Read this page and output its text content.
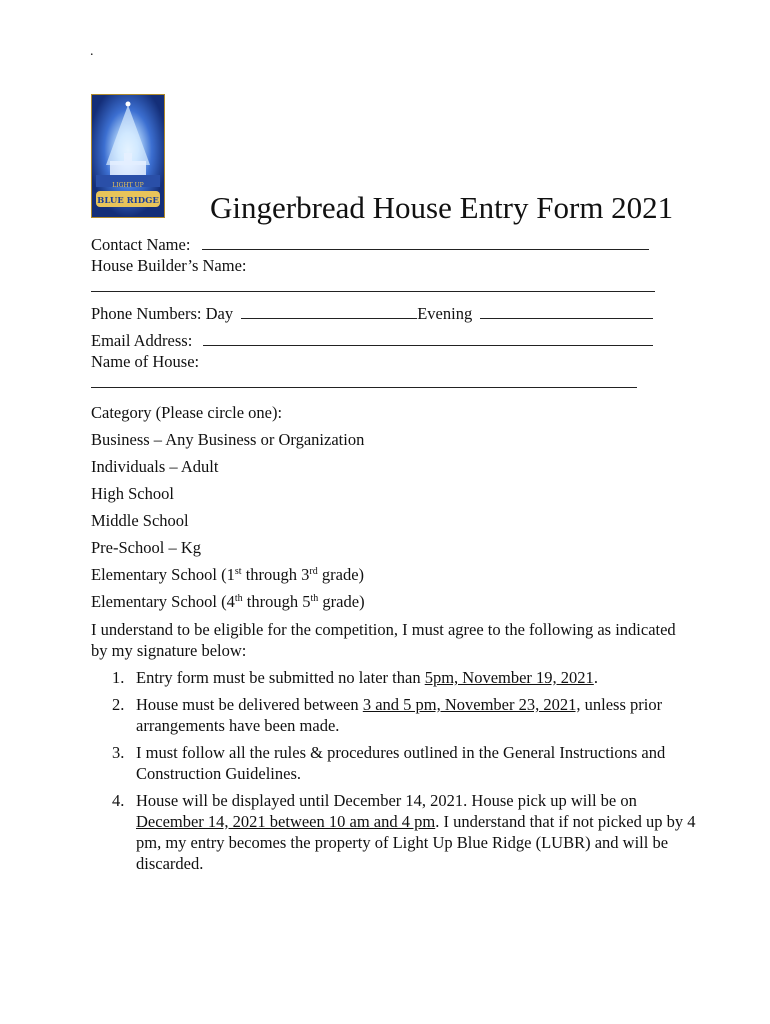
.
LIGHT UP
BLUE RIDGE Gingerbread House Entry Form 2021
Contact Name:
House Builder’s Name:
Phone Numbers: Day	Evening
Email Address:
Name of House:
Category (Please circle one):
Business – Any Business or Organization
Individuals – Adult
High School
Middle School
Pre-School – Kg
Elementary School (1st through 3rd grade)
Elementary School (4th through 5th grade)
I understand to be eligible for the competition, I must agree to the following as indicated by my signature below:
1. Entry form must be submitted no later than 5pm, November 19, 2021.
2. House must be delivered between 3 and 5 pm, November 23, 2021, unless prior arrangements have been made.
3. I must follow all the rules & procedures outlined in the General Instructions and Construction Guidelines.
4. House will be displayed until December 14, 2021. House pick up will be on December 14, 2021 between 10 am and 4 pm. I understand that if not picked up by 4 pm, my entry becomes the property of Light Up Blue Ridge (LUBR) and will be discarded.
